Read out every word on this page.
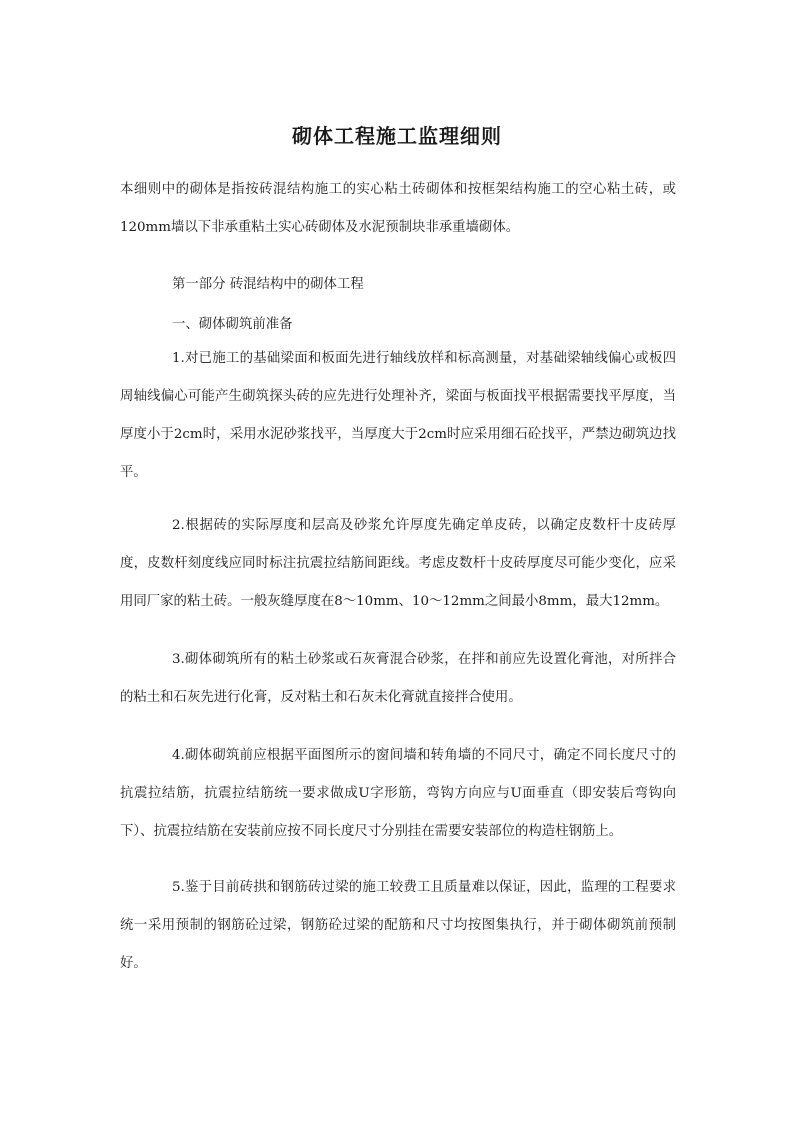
砌体工程施工监理细则

本细则中的砌体是指按砖混结构施工的实心粘土砖砌体和按框架结构施工的空心粘土砖，或120mm墙以下非承重粘土实心砖砌体及水泥预制块非承重墙砌体。

第一部分 砖混结构中的砌体工程

一、砌体砌筑前准备

1.对已施工的基础梁面和板面先进行轴线放样和标高测量，对基础梁轴线偏心或板四周轴线偏心可能产生砌筑探头砖的应先进行处理补齐，梁面与板面找平根据需要找平厚度，当厚度小于2cm时，采用水泥砂浆找平，当厚度大于2cm时应采用细石砼找平，严禁边砌筑边找平。

2.根据砖的实际厚度和层高及砂浆允许厚度先确定单皮砖，以确定皮数杆十皮砖厚度，皮数杆刻度线应同时标注抗震拉结筋间距线。考虑皮数杆十皮砖厚度尽可能少变化，应采用同厂家的粘土砖。一般灰缝厚度在8～10mm、10～12mm之间最小8mm，最大12mm。

3.砌体砌筑所有的粘土砂浆或石灰膏混合砂浆，在拌和前应先设置化膏池，对所拌合的粘土和石灰先进行化膏，反对粘土和石灰未化膏就直接拌合使用。

4.砌体砌筑前应根据平面图所示的窗间墙和转角墙的不同尺寸，确定不同长度尺寸的抗震拉结筋，抗震拉结筋统一要求做成U字形筋，弯钩方向应与U面垂直（即安装后弯钩向下）、抗震拉结筋在安装前应按不同长度尺寸分别挂在需要安装部位的构造柱钢筋上。

5.鉴于目前砖拱和钢筋砖过梁的施工较费工且质量难以保证，因此，监理的工程要求统一采用预制的钢筋砼过梁，钢筋砼过梁的配筋和尺寸均按图集执行，并于砌体砌筑前预制好。
